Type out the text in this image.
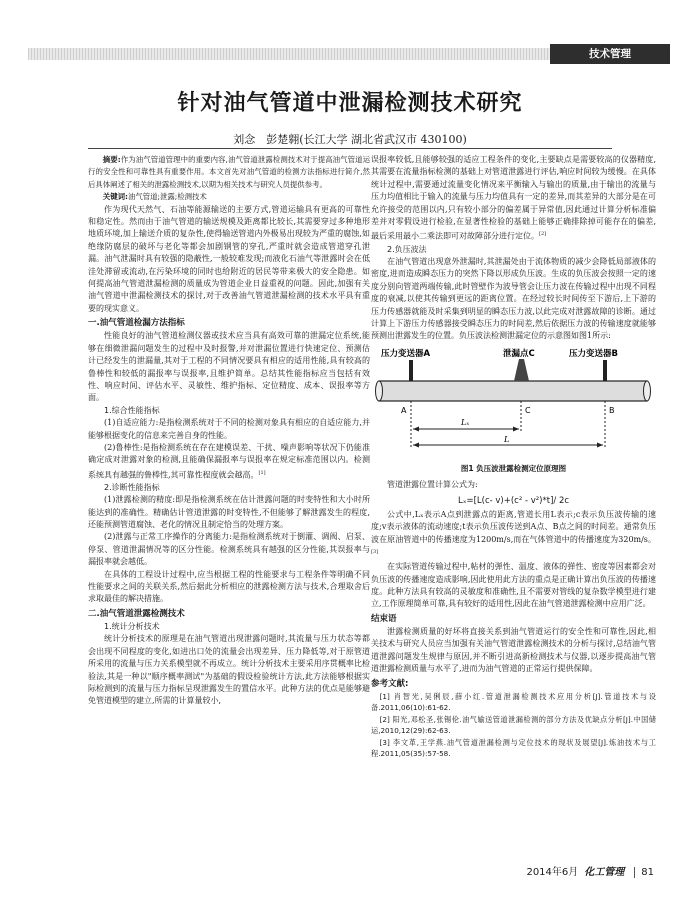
技术管理
针对油气管道中泄漏检测技术研究
刘念　彭楚翱(长江大学 湖北省武汉市 430100)

摘要:作为油气管道管理中的重要内容,油气管道泄露检测技术对于提高油气管道运行的安全性和可靠性具有重要作用。本文首先对油气管道的检测方法指标进行简介,然后具体阐述了相关的泄露检测技术,以期为相关技术与研究人员提供参考。

关键词:油气管道;泄露;检测技术

作为现代天然气、石油等能源输送的主要方式,管道运输具有更高的可靠性和稳定性。然而由于油气管道的输送规模及距离都比较长,其需要穿过多种地形地质环境,加上输送介质的复杂性,使得输送管道内外极易出现较为严重的腐蚀,如绝缘防腐层的破坏与老化等都会加剧钢管的穿孔,严重时就会造成管道穿孔泄漏。油气泄漏时具有较强的隐蔽性,一般较难发现;而液化石油气等泄露时会在低洼处滞留或流动,在污染环境的同时也给附近的居民等带来极大的安全隐患。如何提高油气管道泄漏检测的质量成为管道企业日益重视的问题。因此,加强有关油气管道中泄漏检测技术的探讨,对于改善油气管道泄漏检测的技术水平具有重要的现实意义。

一.油气管道检漏方法指标

性能良好的油气管道检测仪器或技术应当具有高效可靠的泄漏定位系统,能够在细微泄漏问题发生的过程中及时报警,并对泄漏位置进行快速定位、预测估计已经发生的泄漏量,其对于工程的不同情况要具有相应的适用性能,具有较高的鲁棒性和较低的漏报率与误报率,且维护简单。总结其性能指标应当包括有效性、响应时间、评估水平、灵敏性、维护指标、定位精度、成本、误报率等方面。

1.综合性能指标

(1)自适应能力:是指检测系统对于不同的检测对象具有相应的自适应能力,并能够根据变化的信息来完善自身的性能。

(2)鲁棒性:是指检测系统在存在建模误差、干扰、噪声影响等状况下仍能准确定成对泄露对象的检测,且能确保漏报率与误报率在规定标准范围以内。检测系统具有越强的鲁棒性,其可靠性程度就会越高。[1]

2.诊断性能指标

(1)泄露检测的精度:即是指检测系统在估计泄露问题的时变特性和大小时所能达到的准确性。精确估计管道泄露的时变特性,不但能够了解泄露发生的程度,还能预测管道腐蚀、老化的情况且制定恰当的处理方案。

(2)泄露与正常工序操作的分离能力:是指检测系统对于倒灌、调阀、启泵、停泵、管道泄漏情况等的区分性能。检测系统具有越强的区分性能,其误报率与漏报率就会越低。

在具体的工程设计过程中,应当根据工程的性能要求与工程条件等明确不同性能要求之间的关联关系,然后据此分析相应的泄露检测方法与技术,合理取舍后求取最佳的解决措施。

二.油气管道泄露检测技术
1.统计分析技术

统计分析技术的原理是在油气管道出现泄露问题时,其流量与压力状态等都会出现不同程度的变化,如进出口处的流量会出现差异、压力降低等,对于原管道所采用的流量与压力关系模型就不再成立。统计分析技术主要采用序贯概率比检验法,其是一种以"顺序概率测试"为基础的假设检验统计方法,此方法能够根据实际检测到的流量与压力指标呈现泄露发生的置信水平。此种方法的优点是能够避免管道模型的建立,所需的计算量较小,

误报率较低,且能够较强的适应工程条件的变化,主要缺点是需要较高的仪器精度,其需要在流量指标检测的基础上对管道泄露进行评估,响应时间较为缓慢。在具体统计过程中,需要通过流量变化情况来平衡输入与输出的质量,由于输出的流量与压力均值相比于输入的流量与压力均值具有一定的差异,而其差异的大部分是在可允许接受的范围以内,只有较小部分的偏差属于异常值,因此通过计算分析标准偏差并对零假设进行检验,在显著性检验的基础上能够正确排除掉可能存在的偏差,最后采用最小二乘法即可对故障部分进行定位。[2]

2.负压波法

在油气管道出现意外泄漏时,其泄漏处由于流体物质的减少会降低局部液体的密度,进而造成瞬态压力的突然下降以形成负压波。生成的负压波会按照一定的速度分别向管道两端传输,此时管壁作为波导管会让压力波在传输过程中出现不同程度的衰减,以使其传输到更远的距离位置。在经过较长时间传至下游后,上下游的压力传感器就能及时采集到明显的瞬态压力波,以此完成对泄露故障的诊断。通过计算上下游压力传感器接受瞬态压力的时间差,然后依据压力波的传输速度就能够预测出泄露发生的位置。负压波法检测泄漏定位的示意图如图1所示:

压力变送器A	泄漏点C	压力变送器B
A	C	B
Lₓ
L
图1 负压波泄露检测定位原理图

管道泄露位置计算公式为:

Lₓ=[L(c- v)+(c² - v²)*t]/ 2c

公式中,Lₓ表示A点到泄露点的距离,管道长用L表示;c表示负压波传输的速度;v表示液体的流动速度;t表示负压波传送到A点、B点之间的时间差。通常负压波在原油管道中的传播速度为1200m/s,而在气体管道中的传播速度为320m/s。[3]

在实际管道传输过程中,帖材的弹性、温度、液体的弹性、密度等因素都会对负压波的传播速度造成影响,因此使用此方法的重点是正确计算出负压波的传播速度。此种方法具有较高的灵敏度和准确性,且不需要对管线的复杂数学模型进行建立,工作原理简单可靠,具有较好的适用性,因此在油气管道泄露检测中应用广泛。

结束语

泄露检测质量的好坏将直接关系到油气管道运行的安全性和可靠性,因此,相关技术与研究人员应当加强有关油气管道泄露检测技术的分析与探讨,总结油气管道泄露问题发生规律与原因,并不断引进高新检测技术与仪器,以逐步提高油气管道泄露检测质量与水平了,进而为油气管道的正常运行提供保障。

参考文献:

[1] 肖智光,吴俐辰,薛小红.管道泄漏检测技术应用分析[J].管道技术与设备.2011,06(10):61-62.

[2] 阳光,邓松圣,张锡伦.油气输送管道泄漏检测的部分方法及优缺点分析[J].中国储运,2010,12(29):62-63.

[3] 李文革,王学燕.油气管道泄漏检测与定位技术的现状及展望[J].炼油技术与工程.2011,05(35):57-58.

2014年6月 化工管理 81
